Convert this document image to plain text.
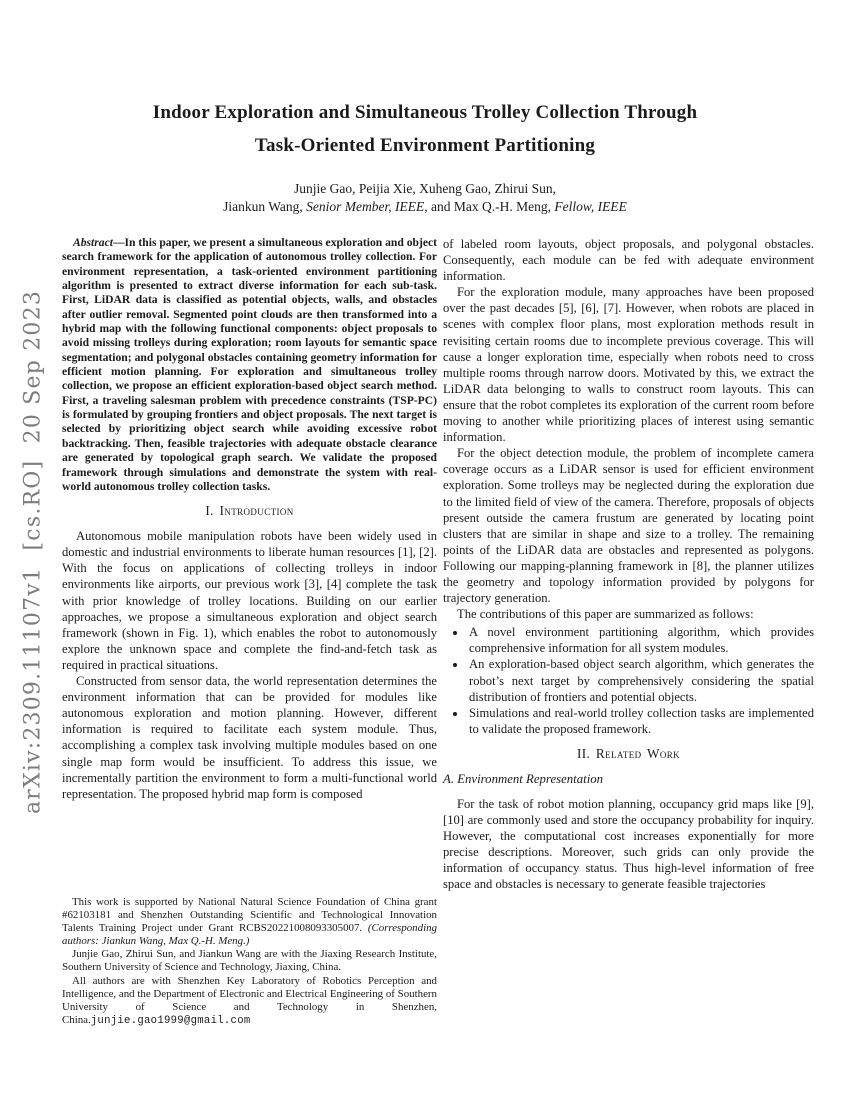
arXiv:2309.11107v1  [cs.RO]  20 Sep 2023
Indoor Exploration and Simultaneous Trolley Collection Through
Task-Oriented Environment Partitioning
Junjie Gao, Peijia Xie, Xuheng Gao, Zhirui Sun,
Jiankun Wang, Senior Member, IEEE, and Max Q.-H. Meng, Fellow, IEEE

Abstract—In this paper, we present a simultaneous exploration and object search framework for the application of autonomous trolley collection. For environment representation, a task-oriented environment partitioning algorithm is presented to extract diverse information for each sub-task. First, LiDAR data is classified as potential objects, walls, and obstacles after outlier removal. Segmented point clouds are then transformed into a hybrid map with the following functional components: object proposals to avoid missing trolleys during exploration; room layouts for semantic space segmentation; and polygonal obstacles containing geometry information for efficient motion planning. For exploration and simultaneous trolley collection, we propose an efficient exploration-based object search method. First, a traveling salesman problem with precedence constraints (TSP-PC) is formulated by grouping frontiers and object proposals. The next target is selected by prioritizing object search while avoiding excessive robot backtracking. Then, feasible trajectories with adequate obstacle clearance are generated by topological graph search. We validate the proposed framework through simulations and demonstrate the system with real-world autonomous trolley collection tasks.

I. Introduction

Autonomous mobile manipulation robots have been widely used in domestic and industrial environments to liberate human resources [1], [2]. With the focus on applications of collecting trolleys in indoor environments like airports, our previous work [3], [4] complete the task with prior knowledge of trolley locations. Building on our earlier approaches, we propose a simultaneous exploration and object search framework (shown in Fig. 1), which enables the robot to autonomously explore the unknown space and complete the find-and-fetch task as required in practical situations.

Constructed from sensor data, the world representation determines the environment information that can be provided for modules like autonomous exploration and motion planning. However, different information is required to facilitate each system module. Thus, accomplishing a complex task involving multiple modules based on one single map form would be insufficient. To address this issue, we incrementally partition the environment to form a multi-functional world representation. The proposed hybrid map form is composed

This work is supported by National Natural Science Foundation of China grant #62103181 and Shenzhen Outstanding Scientific and Technological Innovation Talents Training Project under Grant RCBS20221008093305007. (Corresponding authors: Jiankun Wang, Max Q.-H. Meng.)

Junjie Gao, Zhirui Sun, and Jiankun Wang are with the Jiaxing Research Institute, Southern University of Science and Technology, Jiaxing, China.

All authors are with Shenzhen Key Laboratory of Robotics Perception and Intelligence, and the Department of Electronic and Electrical Engineering of Southern University of Science and Technology in Shenzhen, China.junjie.gao1999@gmail.com

of labeled room layouts, object proposals, and polygonal obstacles. Consequently, each module can be fed with adequate environment information.

For the exploration module, many approaches have been proposed over the past decades [5], [6], [7]. However, when robots are placed in scenes with complex floor plans, most exploration methods result in revisiting certain rooms due to incomplete previous coverage. This will cause a longer exploration time, especially when robots need to cross multiple rooms through narrow doors. Motivated by this, we extract the LiDAR data belonging to walls to construct room layouts. This can ensure that the robot completes its exploration of the current room before moving to another while prioritizing places of interest using semantic information.

For the object detection module, the problem of incomplete camera coverage occurs as a LiDAR sensor is used for efficient environment exploration. Some trolleys may be neglected during the exploration due to the limited field of view of the camera. Therefore, proposals of objects present outside the camera frustum are generated by locating point clusters that are similar in shape and size to a trolley. The remaining points of the LiDAR data are obstacles and represented as polygons. Following our mapping-planning framework in [8], the planner utilizes the geometry and topology information provided by polygons for trajectory generation.

The contributions of this paper are summarized as follows:

• A novel environment partitioning algorithm, which provides comprehensive information for all system modules.
• An exploration-based object search algorithm, which generates the robot’s next target by comprehensively considering the spatial distribution of frontiers and potential objects.
• Simulations and real-world trolley collection tasks are implemented to validate the proposed framework.
II. Related Work
A. Environment Representation

For the task of robot motion planning, occupancy grid maps like [9], [10] are commonly used and store the occupancy probability for inquiry. However, the computational cost increases exponentially for more precise descriptions. Moreover, such grids can only provide the information of occupancy status. Thus high-level information of free space and obstacles is necessary to generate feasible trajectories
